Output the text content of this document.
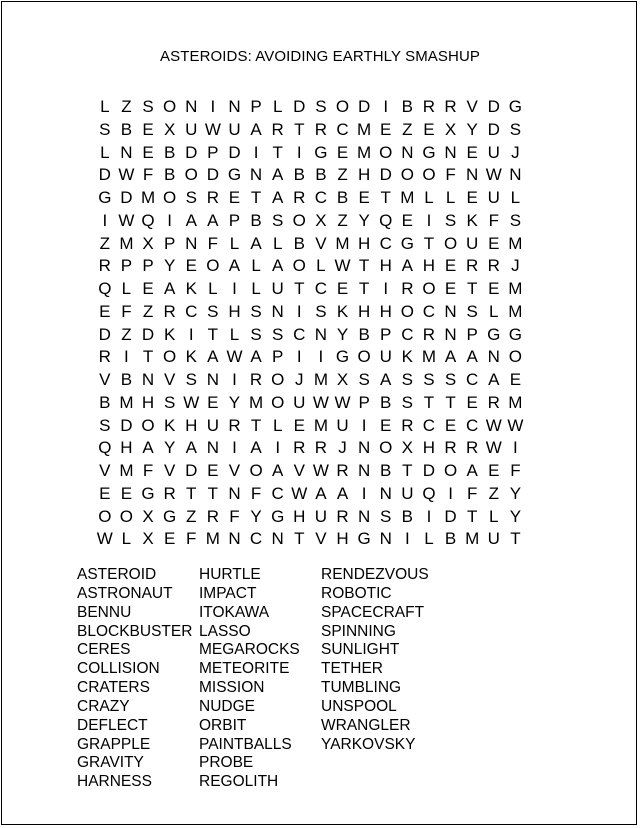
ASTEROIDS: AVOIDING EARTHLY SMASHUP
L Z S O N I N P L D S O D I B R R V D G
S B E X U W U A R T R C M E Z E X Y D S
L N E B D P D I T I G E M O N G N E U J
D W F B O D G N A B B Z H D O O F N W N
G D M O S R E T A R C B E T M L L E U L
I W Q I A A P B S O X Z Y Q E I S K F S
Z M X P N F L A L B V M H C G T O U E M
R P P Y E O A L A O L W T H A H E R R J
Q L E A K L I L U T C E T I R O E T E M
E F Z R C S H S N I S K H H O C N S L M
D Z D K I T L S S C N Y B P C R N P G G
R I T O K A W A P I I G O U K M A A N O
V B N V S N I R O J M X S A S S S C A E
B M H S W E Y M O U W W P B S T T E R M
S D O K H U R T L E M U I E R C E C W W
Q H A Y A N I A I R R J N O X H R R W I
V M F V D E V O A V W R N B T D O A E F
E E G R T T N F C W A A I N U Q I F Z Y
O O X G Z R F Y G H U R N S B I D T L Y
W L X E F M N C N T V H G N I L B M U T
ASTEROID
ASTRONAUT
BENNU
BLOCKBUSTER
CERES
COLLISION
CRATERS
CRAZY
DEFLECT
GRAPPLE
GRAVITY
HARNESS
HURTLE
IMPACT
ITOKAWA
LASSO
MEGAROCKS
METEORITE
MISSION
NUDGE
ORBIT
PAINTBALLS
PROBE
REGOLITH
RENDEZVOUS
ROBOTIC
SPACECRAFT
SPINNING
SUNLIGHT
TETHER
TUMBLING
UNSPOOL
WRANGLER
YARKOVSKY
